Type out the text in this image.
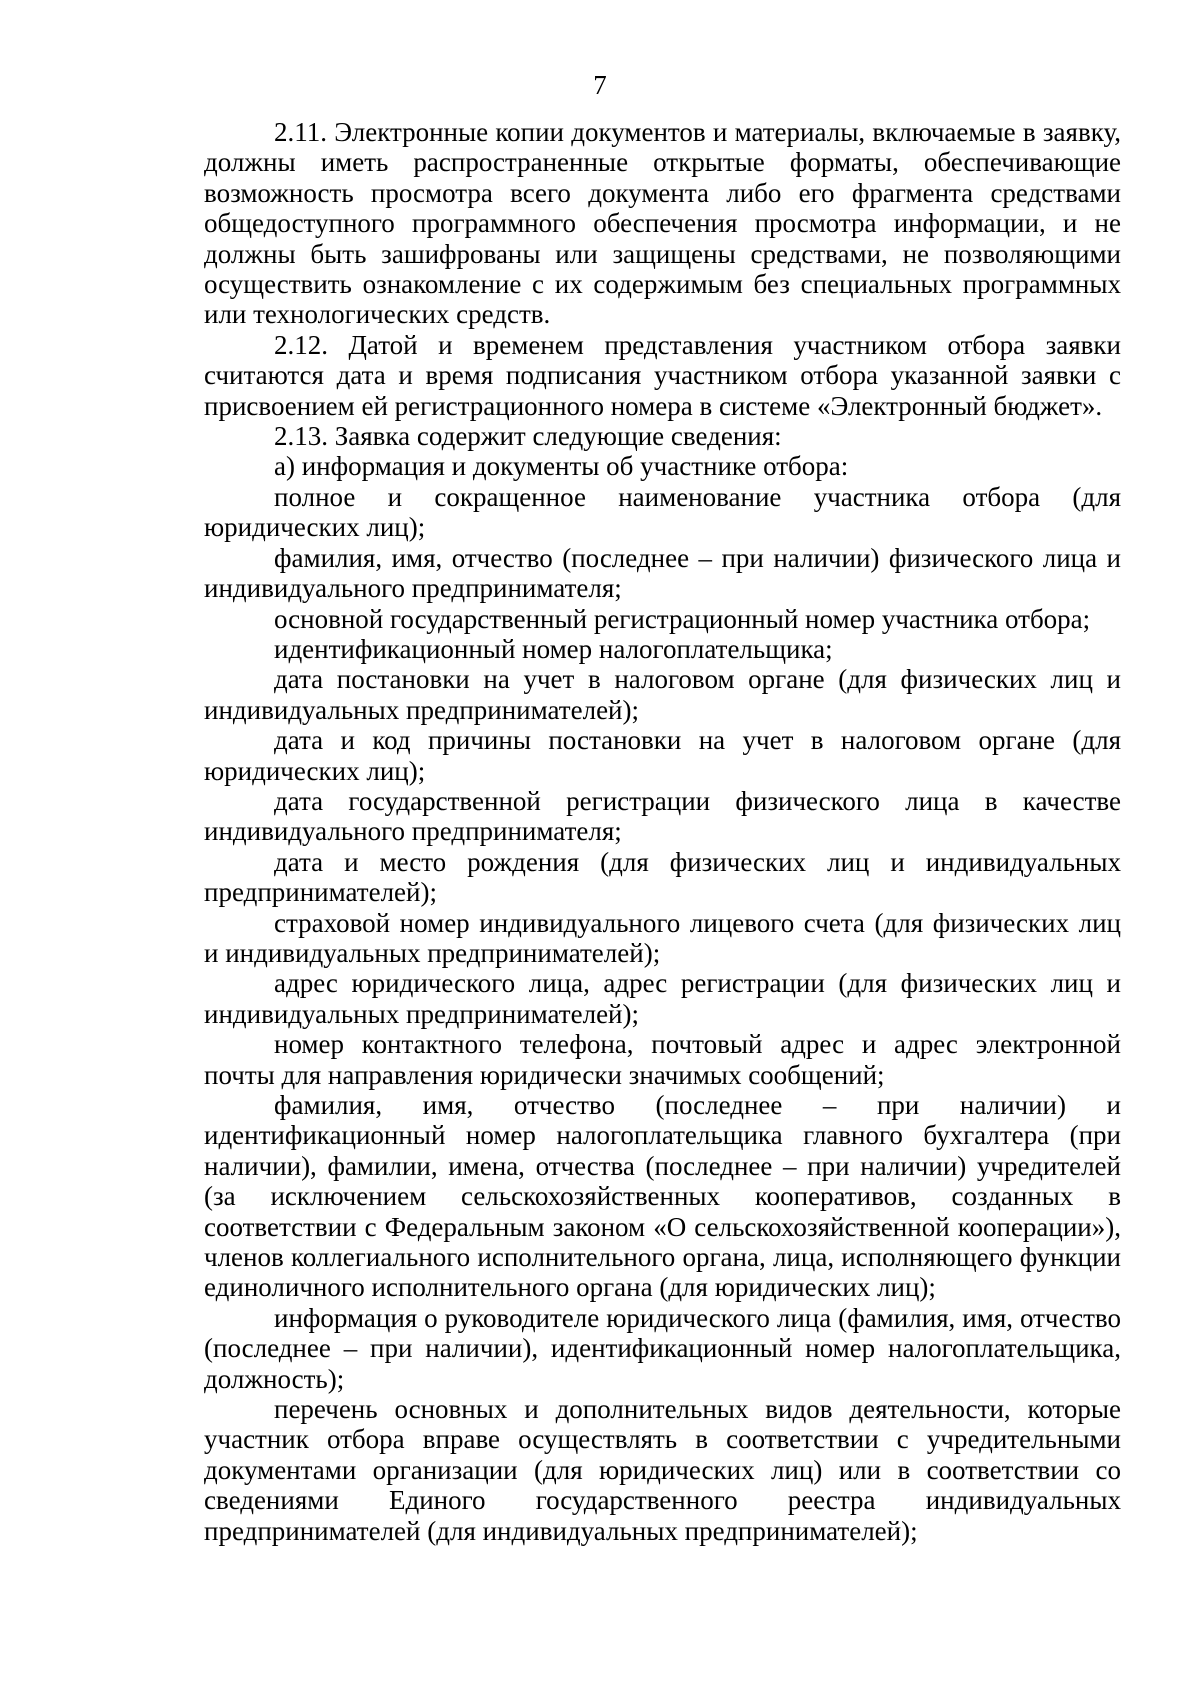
7

2.11. Электронные копии документов и материалы, включаемые в заявку, должны иметь распространенные открытые форматы, обеспечивающие возможность просмотра всего документа либо его фрагмента средствами общедоступного программного обеспечения просмотра информации, и не должны быть зашифрованы или защищены средствами, не позволяющими осуществить ознакомление с их содержимым без специальных программных или технологических средств.

2.12. Датой и временем представления участником отбора заявки считаются дата и время подписания участником отбора указанной заявки с присвоением ей регистрационного номера в системе «Электронный бюджет».

2.13. Заявка содержит следующие сведения:

а) информация и документы об участнике отбора:

полное и сокращенное наименование участника отбора (для юридических лиц);

фамилия, имя, отчество (последнее – при наличии) физического лица и индивидуального предпринимателя;

основной государственный регистрационный номер участника отбора;

идентификационный номер налогоплательщика;

дата постановки на учет в налоговом органе (для физических лиц и индивидуальных предпринимателей);

дата и код причины постановки на учет в налоговом органе (для юридических лиц);

дата государственной регистрации физического лица в качестве индивидуального предпринимателя;

дата и место рождения (для физических лиц и индивидуальных предпринимателей);

страховой номер индивидуального лицевого счета (для физических лиц и индивидуальных предпринимателей);

адрес юридического лица, адрес регистрации (для физических лиц и индивидуальных предпринимателей);

номер контактного телефона, почтовый адрес и адрес электронной почты для направления юридически значимых сообщений;

фамилия, имя, отчество (последнее – при наличии) и идентификационный номер налогоплательщика главного бухгалтера (при наличии), фамилии, имена, отчества (последнее – при наличии) учредителей (за исключением сельскохозяйственных кооперативов, созданных в соответствии с Федеральным законом «О сельскохозяйственной кооперации»), членов коллегиального исполнительного органа, лица, исполняющего функции единоличного исполнительного органа (для юридических лиц);

информация о руководителе юридического лица (фамилия, имя, отчество (последнее – при наличии), идентификационный номер налогоплательщика, должность);

перечень основных и дополнительных видов деятельности, которые участник отбора вправе осуществлять в соответствии с учредительными документами организации (для юридических лиц) или в соответствии со сведениями Единого государственного реестра индивидуальных предпринимателей (для индивидуальных предпринимателей);
